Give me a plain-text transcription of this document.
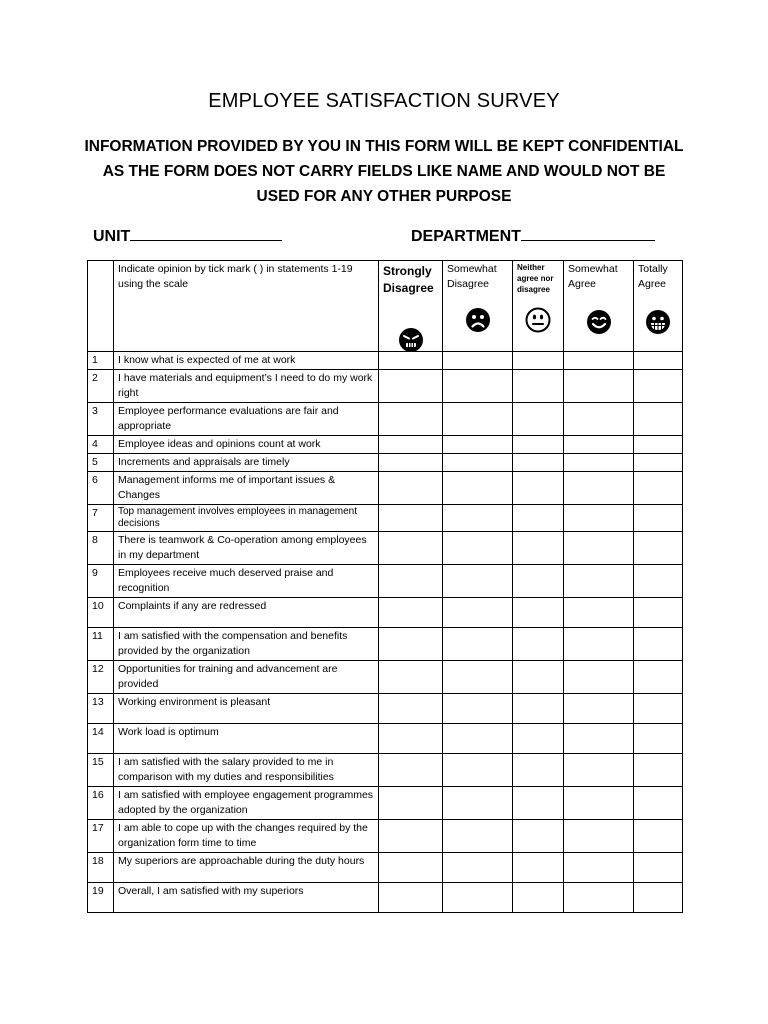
EMPLOYEE SATISFACTION SURVEY
INFORMATION PROVIDED BY YOU IN THIS FORM WILL BE KEPT CONFIDENTIAL AS THE FORM DOES NOT CARRY FIELDS LIKE NAME AND WOULD NOT BE USED FOR ANY OTHER PURPOSE
UNIT	DEPARTMENT
	Indicate opinion by tick mark ( ) in statements 1-19 using the scale	Strongly Disagree	Somewhat Disagree	Neither agree nor disagree	Somewhat Agree	Totally Agree

1	I know what is expected of me at work					
2	I have materials and equipment’s I need to do my work right					
3	Employee performance evaluations are fair and appropriate					
4	Employee ideas and opinions count at work					
5	Increments and appraisals are timely					
6	Management informs me of important issues & Changes					
7	Top management involves employees in management decisions					
8	There is teamwork & Co-operation among employees in my department					
9	Employees receive much deserved praise and recognition					
10	Complaints if any are redressed					
11	I am satisfied with the compensation and benefits provided by the organization					
12	Opportunities for training and advancement are provided					
13	Working environment is pleasant					
14	Work load is optimum					
15	I am satisfied with the salary provided to me in comparison with my duties and responsibilities					
16	I am satisfied with employee engagement programmes adopted by the organization					
17	I am able to cope up with the changes required by the organization form time to time					
18	My superiors are approachable during the duty hours					
19	Overall, I am satisfied with my superiors					
